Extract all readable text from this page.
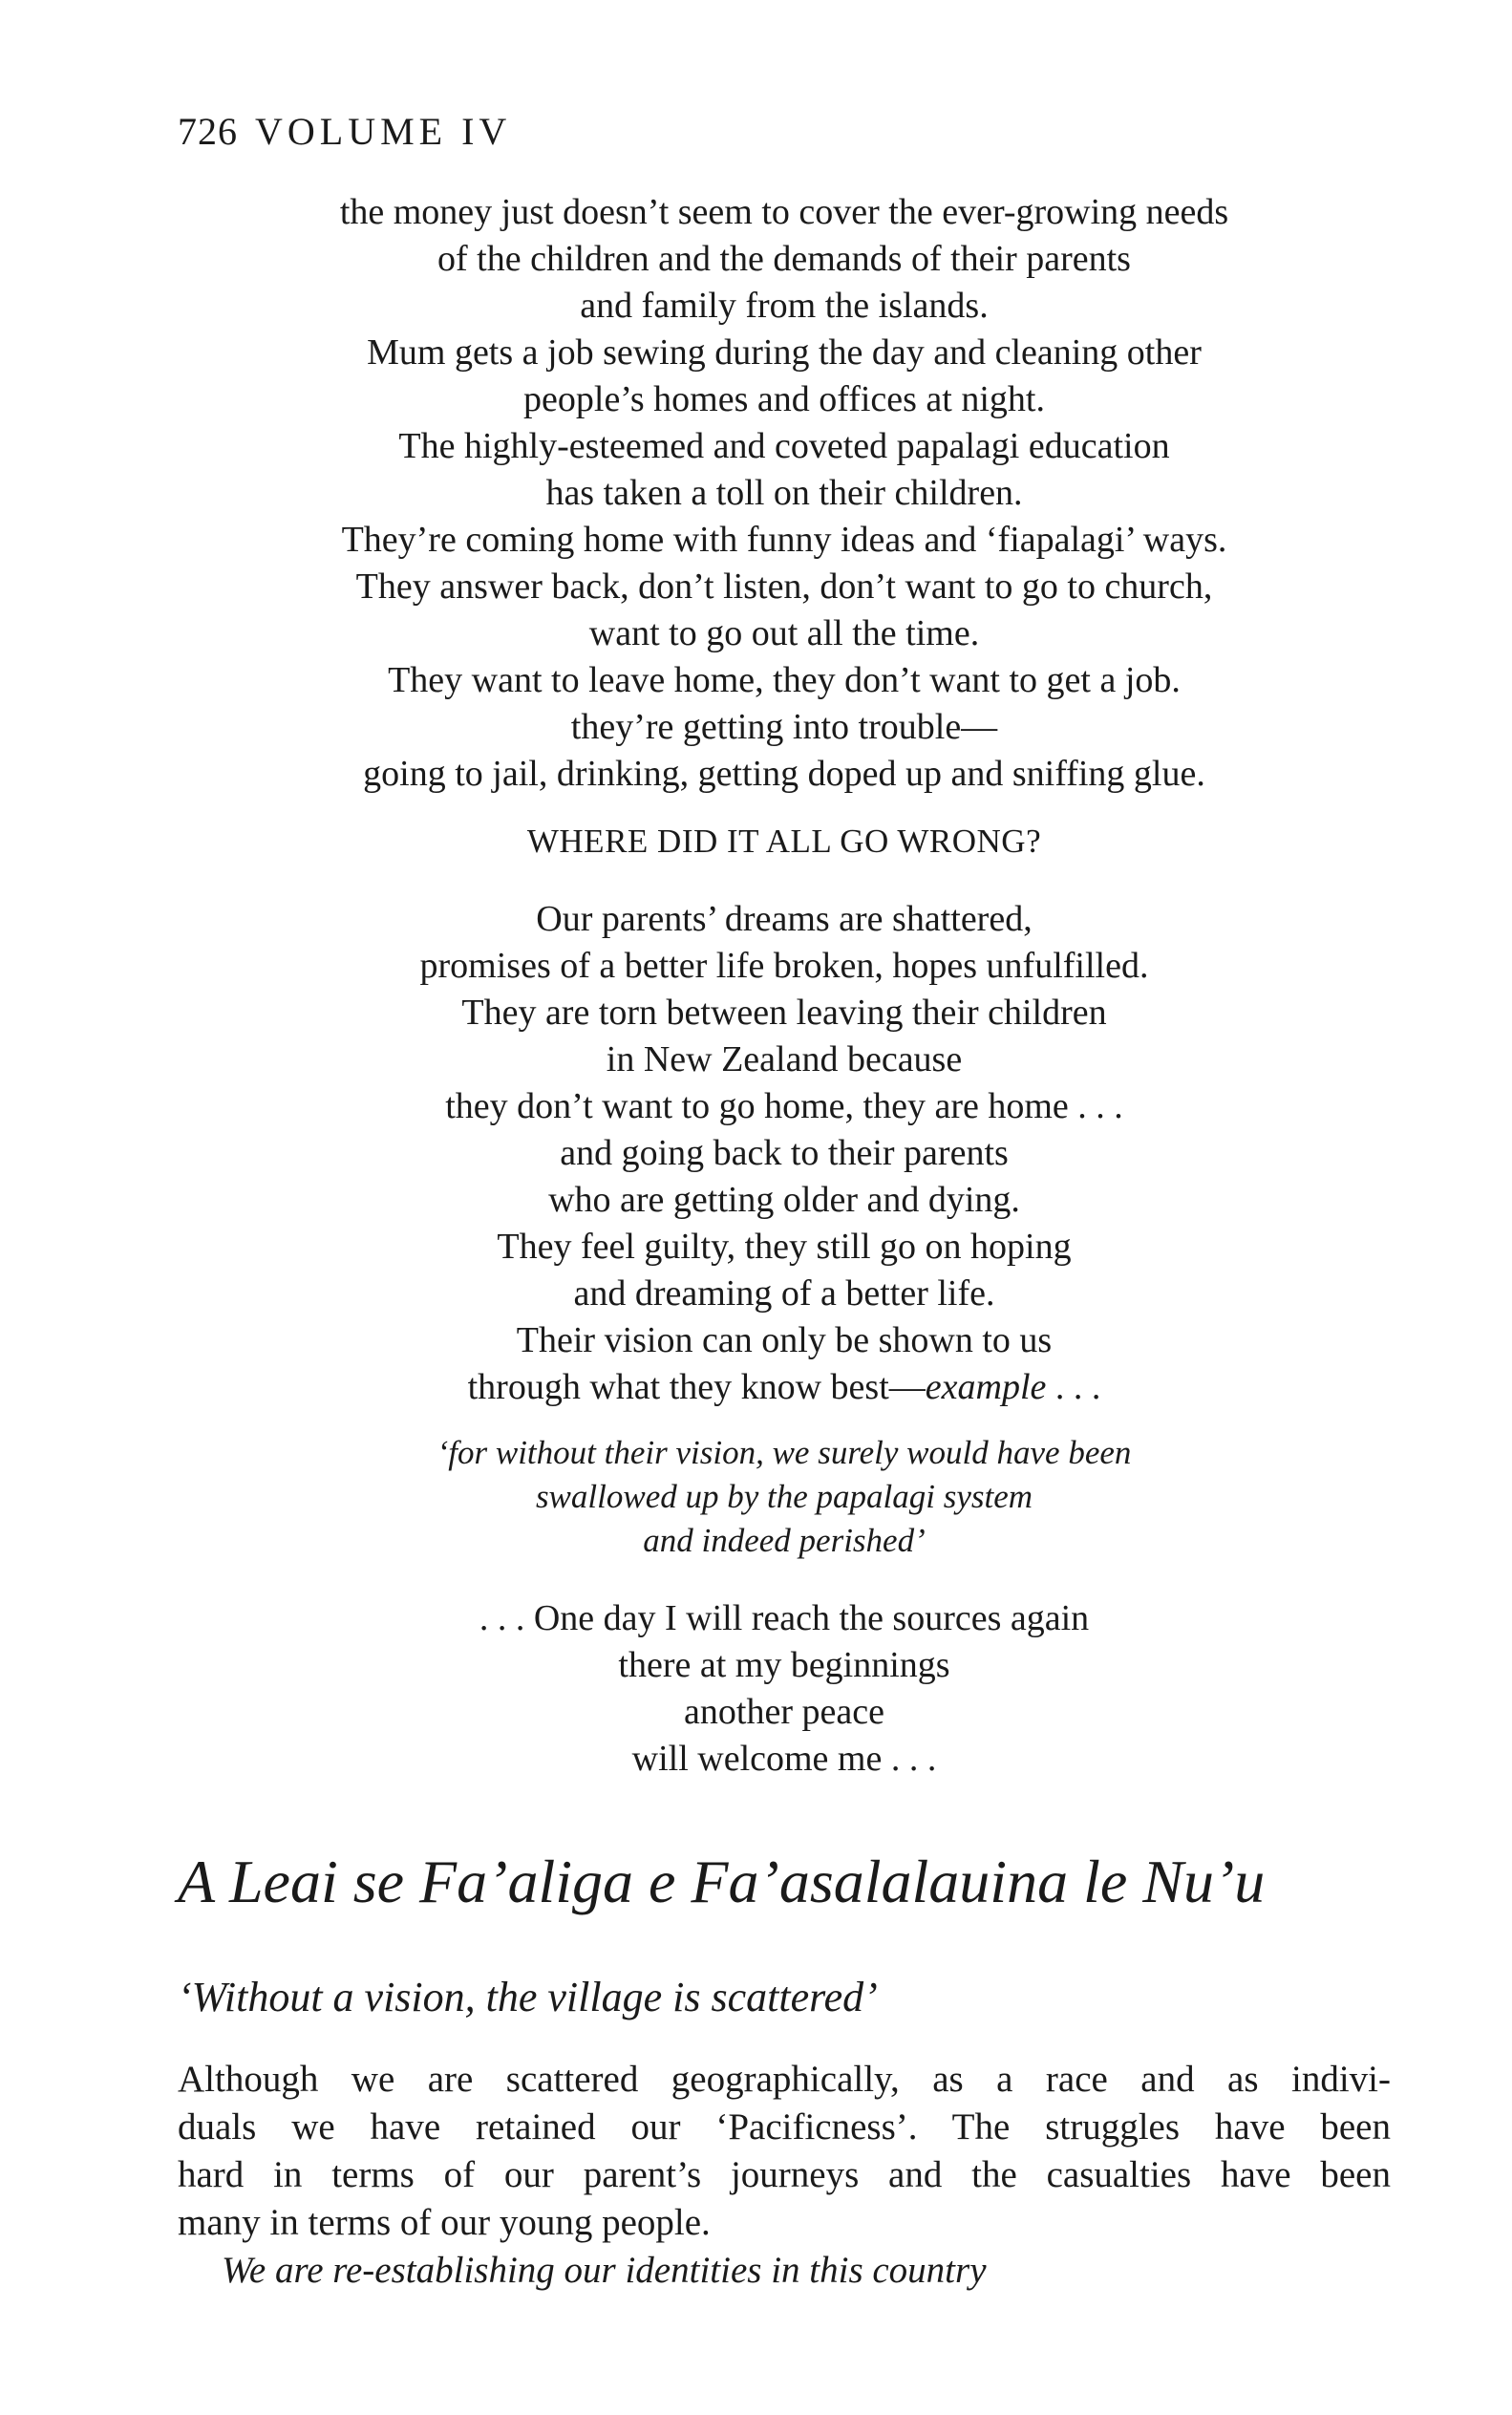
726 VOLUME IV
the money just doesn’t seem to cover the ever-growing needs
of the children and the demands of their parents
and family from the islands.
Mum gets a job sewing during the day and cleaning other
people’s homes and offices at night.
The highly-esteemed and coveted papalagi education
has taken a toll on their children.
They’re coming home with funny ideas and ‘fiapalagi’ ways.
They answer back, don’t listen, don’t want to go to church,
want to go out all the time.
They want to leave home, they don’t want to get a job.
they’re getting into trouble—
going to jail, drinking, getting doped up and sniffing glue.
WHERE DID IT ALL GO WRONG?
Our parents’ dreams are shattered,
promises of a better life broken, hopes unfulfilled.
They are torn between leaving their children
in New Zealand because
they don’t want to go home, they are home . . .
and going back to their parents
who are getting older and dying.
They feel guilty, they still go on hoping
and dreaming of a better life.
Their vision can only be shown to us
through what they know best—example . . .
‘for without their vision, we surely would have been
swallowed up by the papalagi system
and indeed perished’
. . . One day I will reach the sources again
there at my beginnings
another peace
will welcome me . . .
A Leai se Fa’aliga e Fa’asalalauina le Nu’u
‘Without a vision, the village is scattered’
Although we are scattered geographically, as a race and as indivi-
duals we have retained our ‘Pacificness’. The struggles have been
hard in terms of our parent’s journeys and the casualties have been
many in terms of our young people.
We are re-establishing our identities in this country
